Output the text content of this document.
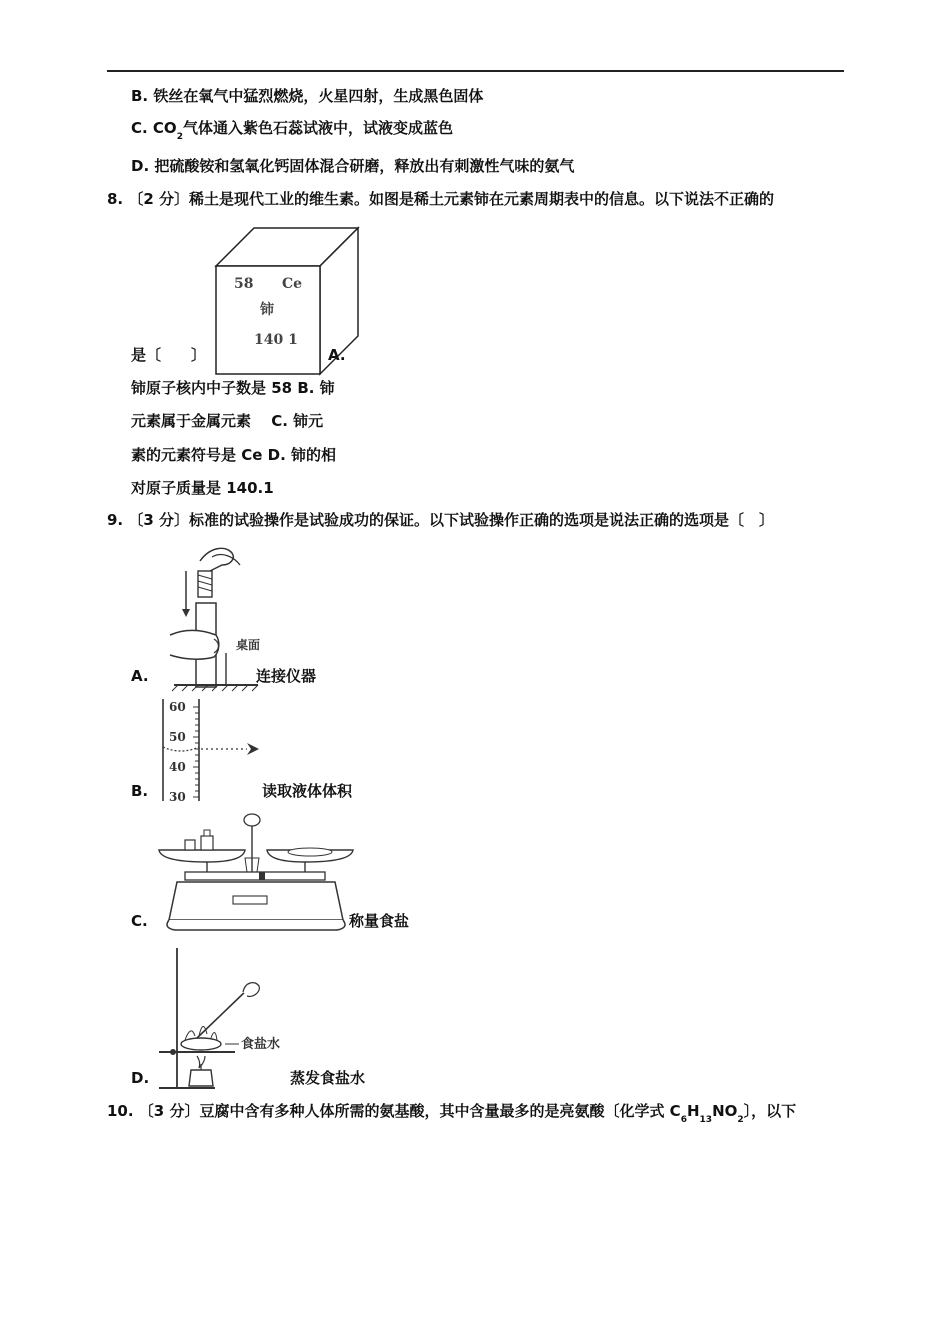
B. 铁丝在氧气中猛烈燃烧，火星四射，生成黑色固体
C. $CO_2$气体通入紫色石蕊试液中，试液变成蓝色
D. 把硫酸铵和氢氧化钙固体混合研磨，释放出有刺激性气味的氨气
8. 〔2 分〕稀土是现代工业的维生素。如图是稀土元素铈在元素周期表中的信息。以下说法不正确的
58 Ce
铈
140 1
是〔　　〕	A.
铈原子核内中子数是 58 B. 铈
元素属于金属元素　 C. 铈元
素的元素符号是 Ce D. 铈的相
对原子质量是 140.1
9. 〔3 分〕标准的试验操作是试验成功的保证。以下试验操作正确的选项是说法正确的选项是〔　〕
桌面
A.	连接仪器
60
50
40
30
B.	读取液体体积
C.	称量食盐
食盐水
D.	蒸发食盐水
10. 〔3 分〕豆腐中含有多种人体所需的氨基酸，其中含量最多的是亮氨酸〔化学式 $C_6H_{13}NO_2$〕，以下
